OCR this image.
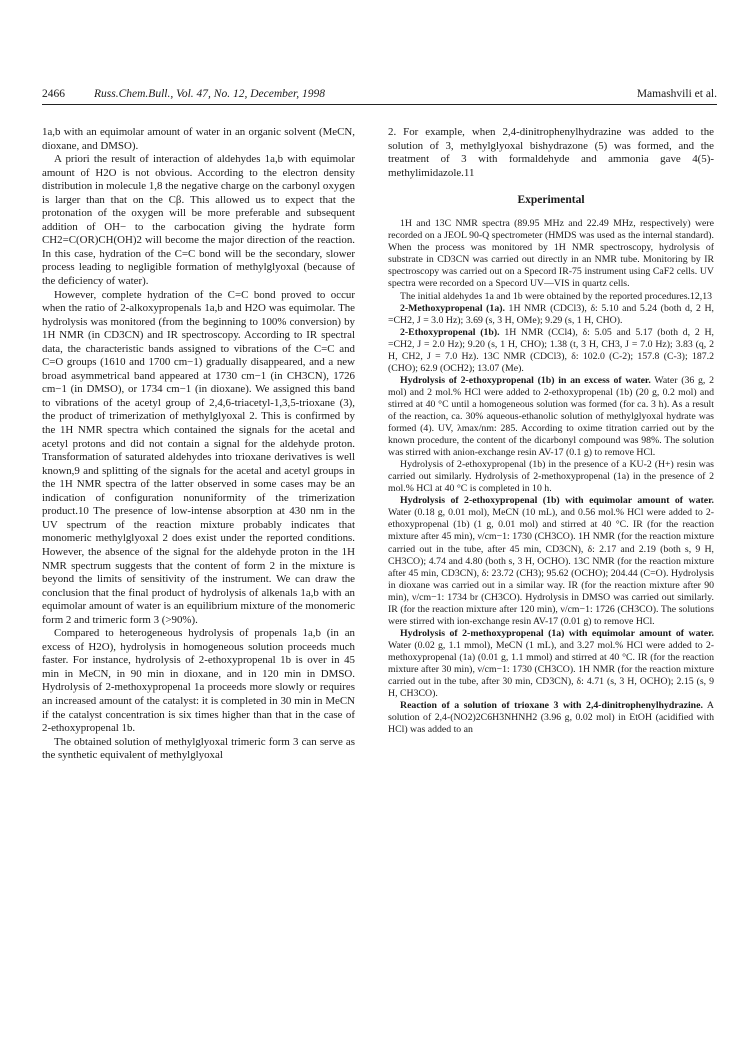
2466	Russ.Chem.Bull., Vol. 47, No. 12, December, 1998	Mamashvili et al.

1a,b with an equimolar amount of water in an organic solvent (MeCN, dioxane, and DMSO).

A priori the result of interaction of aldehydes 1a,b with equimolar amount of H2O is not obvious. According to the electron density distribution in molecule 1,8 the negative charge on the carbonyl oxygen is larger than that on the Cβ. This allowed us to expect that the protonation of the oxygen will be more preferable and subsequent addition of OH− to the carbocation giving the hydrate form CH2=C(OR)CH(OH)2 will become the major direction of the reaction. In this case, hydration of the C=C bond will be the secondary, slower process leading to negligible formation of methylglyoxal (because of the deficiency of water).

However, complete hydration of the C=C bond proved to occur when the ratio of 2-alkoxypropenals 1a,b and H2O was equimolar. The hydrolysis was monitored (from the beginning to 100% conversion) by 1H NMR (in CD3CN) and IR spectroscopy. According to IR spectral data, the characteristic bands assigned to vibrations of the C=C and C=O groups (1610 and 1700 cm−1) gradually disappeared, and a new broad asymmetrical band appeared at 1730 cm−1 (in CH3CN), 1726 cm−1 (in DMSO), or 1734 cm−1 (in dioxane). We assigned this band to vibrations of the acetyl group of 2,4,6-triacetyl-1,3,5-trioxane (3), the product of trimerization of methylglyoxal 2. This is confirmed by the 1H NMR spectra which contained the signals for the acetal and acetyl protons and did not contain a signal for the aldehyde proton. Transformation of saturated aldehydes into trioxane derivatives is well known,9 and splitting of the signals for the acetal and acetyl groups in the 1H NMR spectra of the latter observed in some cases may be an indication of configuration nonuniformity of the trimerization product.10 The presence of low-intense absorption at 430 nm in the UV spectrum of the reaction mixture probably indicates that monomeric methylglyoxal 2 does exist under the reported conditions. However, the absence of the signal for the aldehyde proton in the 1H NMR spectrum suggests that the content of form 2 in the mixture is beyond the limits of sensitivity of the instrument. We can draw the conclusion that the final product of hydrolysis of alkenals 1a,b with an equimolar amount of water is an equilibrium mixture of the monomeric form 2 and trimeric form 3 (>90%).

Compared to heterogeneous hydrolysis of propenals 1a,b (in an excess of H2O), hydrolysis in homogeneous solution proceeds much faster. For instance, hydrolysis of 2-ethoxypropenal 1b is over in 45 min in MeCN, in 90 min in dioxane, and in 120 min in DMSO. Hydrolysis of 2-methoxypropenal 1a proceeds more slowly or requires an increased amount of the catalyst: it is completed in 30 min in MeCN if the catalyst concentration is six times higher than that in the case of 2-ethoxypropenal 1b.

The obtained solution of methylglyoxal trimeric form 3 can serve as the synthetic equivalent of methylglyoxal

2. For example, when 2,4-dinitrophenylhydrazine was added to the solution of 3, methylglyoxal bishydrazone (5) was formed, and the treatment of 3 with formaldehyde and ammonia gave 4(5)-methylimidazole.11

Experimental

1H and 13C NMR spectra (89.95 MHz and 22.49 MHz, respectively) were recorded on a JEOL 90-Q spectrometer (HMDS was used as the internal standard). When the process was monitored by 1H NMR spectroscopy, hydrolysis of substrate in CD3CN was carried out directly in an NMR tube. Monitoring by IR spectroscopy was carried out on a Specord IR-75 instrument using CaF2 cells. UV spectra were recorded on a Specord UV—VIS in quartz cells.

The initial aldehydes 1a and 1b were obtained by the reported procedures.12,13

2-Methoxypropenal (1a). 1H NMR (CDCl3), δ: 5.10 and 5.24 (both d, 2 H, =CH2, J = 3.0 Hz); 3.69 (s, 3 H, OMe); 9.29 (s, 1 H, CHO).

2-Ethoxypropenal (1b). 1H NMR (CCl4), δ: 5.05 and 5.17 (both d, 2 H, =CH2, J = 2.0 Hz); 9.20 (s, 1 H, CHO); 1.38 (t, 3 H, CH3, J = 7.0 Hz); 3.83 (q, 2 H, CH2, J = 7.0 Hz). 13C NMR (CDCl3), δ: 102.0 (C-2); 157.8 (C-3); 187.2 (CHO); 62.9 (OCH2); 13.07 (Me).

Hydrolysis of 2-ethoxypropenal (1b) in an excess of water. Water (36 g, 2 mol) and 2 mol.% HCl were added to 2-ethoxypropenal (1b) (20 g, 0.2 mol) and stirred at 40 °C until a homogeneous solution was formed (for ca. 3 h). As a result of the reaction, ca. 30% aqueous-ethanolic solution of methylglyoxal hydrate was formed (4). UV, λmax/nm: 285. According to oxime titration carried out by the known procedure, the content of the dicarbonyl compound was 98%. The solution was stirred with anion-exchange resin AV-17 (0.1 g) to remove HCl.

Hydrolysis of 2-ethoxypropenal (1b) in the presence of a KU-2 (H+) resin was carried out similarly. Hydrolysis of 2-methoxypropenal (1a) in the presence of 2 mol.% HCl at 40 °C is completed in 10 h.

Hydrolysis of 2-ethoxypropenal (1b) with equimolar amount of water. Water (0.18 g, 0.01 mol), MeCN (10 mL), and 0.56 mol.% HCl were added to 2-ethoxypropenal (1b) (1 g, 0.01 mol) and stirred at 40 °C. IR (for the reaction mixture after 45 min), ν/cm−1: 1730 (CH3CO). 1H NMR (for the reaction mixture carried out in the tube, after 45 min, CD3CN), δ: 2.17 and 2.19 (both s, 9 H, CH3CO); 4.74 and 4.80 (both s, 3 H, OCHO). 13C NMR (for the reaction mixture after 45 min, CD3CN), δ: 23.72 (CH3); 95.62 (OCHO); 204.44 (C=O). Hydrolysis in dioxane was carried out in a similar way. IR (for the reaction mixture after 90 min), ν/cm−1: 1734 br (CH3CO). Hydrolysis in DMSO was carried out similarly. IR (for the reaction mixture after 120 min), ν/cm−1: 1726 (CH3CO). The solutions were stirred with ion-exchange resin AV-17 (0.01 g) to remove HCl.

Hydrolysis of 2-methoxypropenal (1a) with equimolar amount of water. Water (0.02 g, 1.1 mmol), MeCN (1 mL), and 3.27 mol.% HCl were added to 2-methoxypropenal (1a) (0.01 g, 1.1 mmol) and stirred at 40 °C. IR (for the reaction mixture after 30 min), ν/cm−1: 1730 (CH3CO). 1H NMR (for the reaction mixture carried out in the tube, after 30 min, CD3CN), δ: 4.71 (s, 3 H, OCHO); 2.15 (s, 9 H, CH3CO).

Reaction of a solution of trioxane 3 with 2,4-dinitrophenylhydrazine. A solution of 2,4-(NO2)2C6H3NHNH2 (3.96 g, 0.02 mol) in EtOH (acidified with HCl) was added to an
